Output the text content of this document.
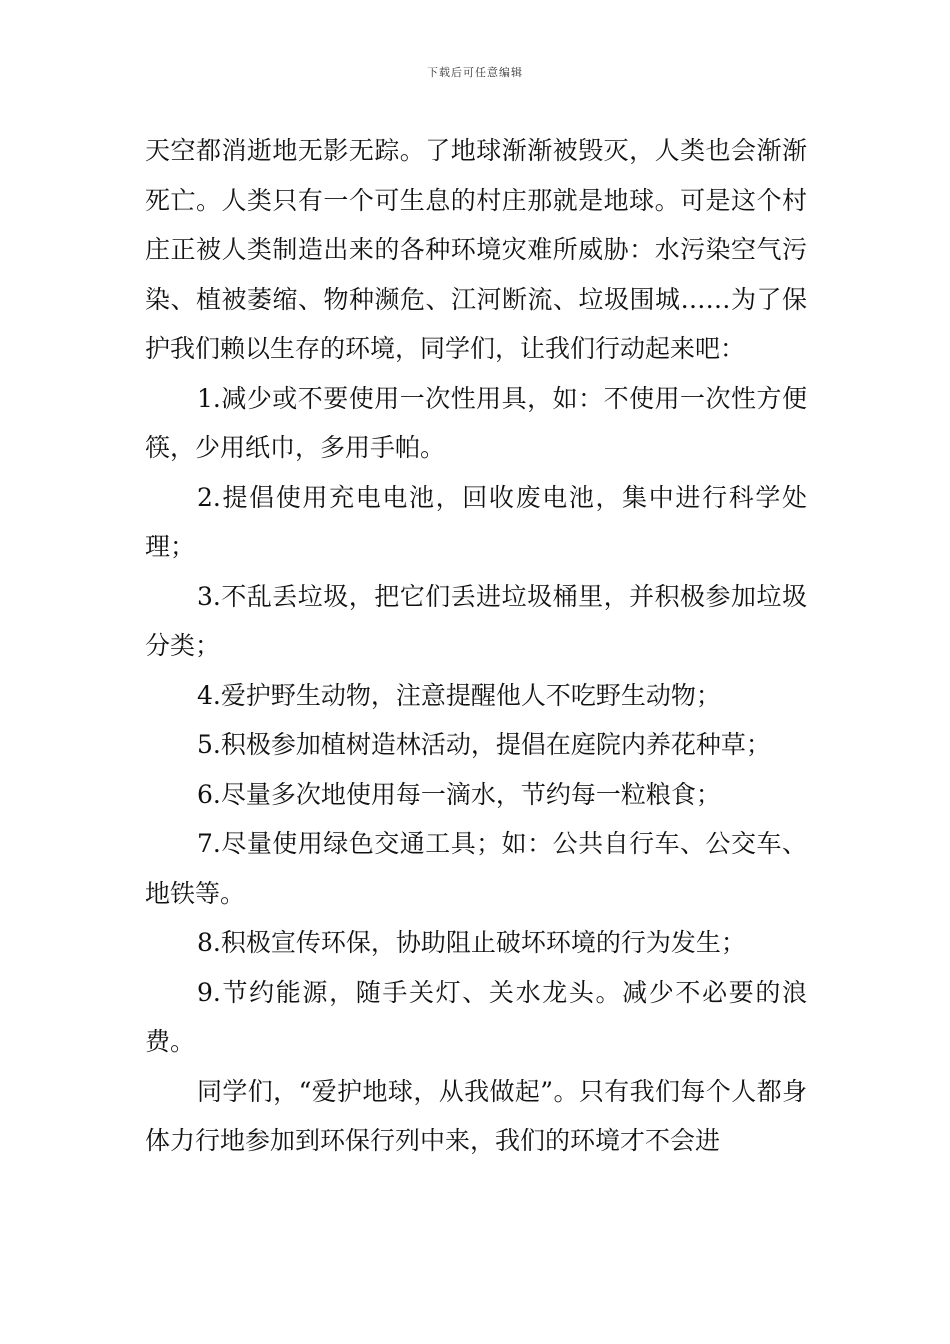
下载后可任意编辑

天空都消逝地无影无踪。了地球渐渐被毁灭，人类也会渐渐死亡。人类只有一个可生息的村庄那就是地球。可是这个村庄正被人类制造出来的各种环境灾难所威胁：水污染空气污染、植被萎缩、物种濒危、江河断流、垃圾围城……为了保护我们赖以生存的环境，同学们，让我们行动起来吧：

1.减少或不要使用一次性用具，如：不使用一次性方便筷，少用纸巾，多用手帕。

2.提倡使用充电电池，回收废电池，集中进行科学处理；

3.不乱丢垃圾，把它们丢进垃圾桶里，并积极参加垃圾分类；

4.爱护野生动物，注意提醒他人不吃野生动物；

5.积极参加植树造林活动，提倡在庭院内养花种草；

6.尽量多次地使用每一滴水，节约每一粒粮食；

7.尽量使用绿色交通工具；如：公共自行车、公交车、地铁等。

8.积极宣传环保，协助阻止破坏环境的行为发生；

9.节约能源，随手关灯、关水龙头。减少不必要的浪费。

同学们，“爱护地球，从我做起”。只有我们每个人都身体力行地参加到环保行列中来，我们的环境才不会进
